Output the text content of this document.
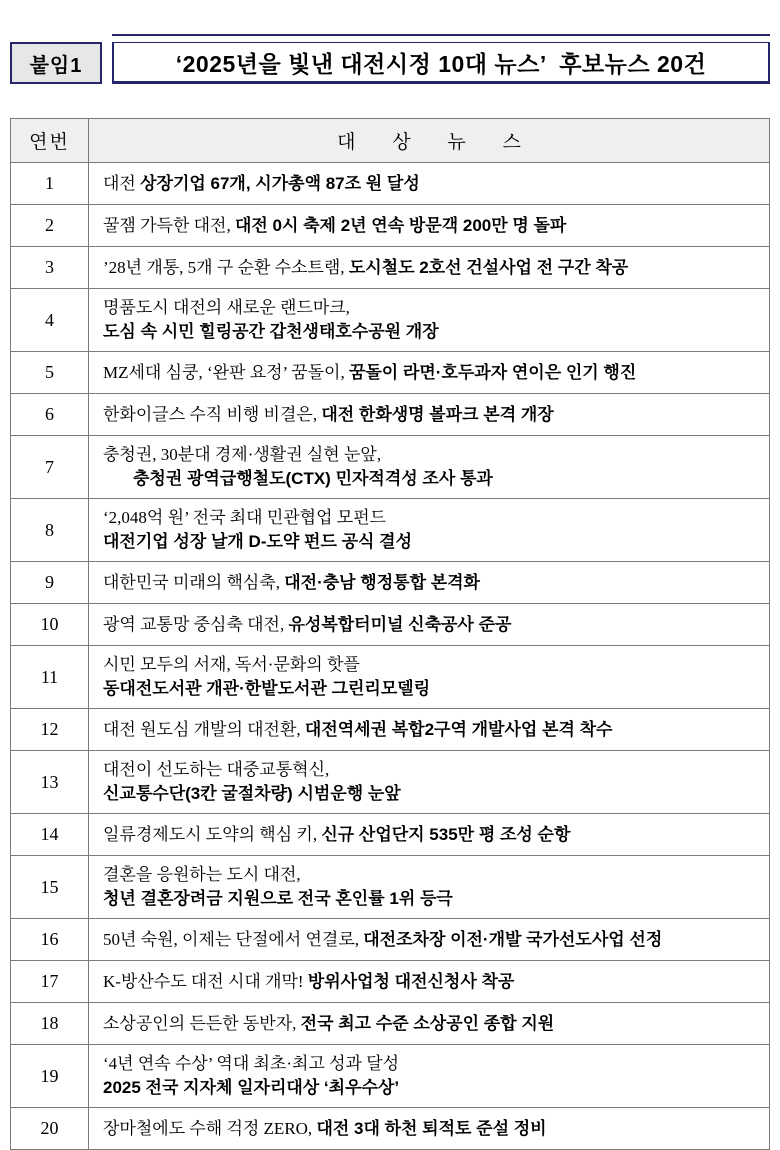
붙임1	‘2025년을 빛낸 대전시정 10대 뉴스’  후보뉴스 20건
연번	대 상 뉴 스
1	대전 상장기업 67개, 시가총액 87조 원 달성

2	꿀잼 가득한 대전, 대전 0시 축제 2년 연속 방문객 200만 명 돌파

3	’28년 개통, 5개 구 순환 수소트램, 도시철도 2호선 건설사업 전 구간 착공

4	명품도시 대전의 새로운 랜드마크,
도심 속 시민 힐링공간 갑천생태호수공원 개장

5	MZ세대 심쿵, ‘완판 요정’ 꿈돌이, 꿈돌이 라면·호두과자 연이은 인기 행진

6	한화이글스 수직 비행 비결은, 대전 한화생명 볼파크 본격 개장

7	충청권, 30분대 경제·생활권 실현 눈앞,
충청권 광역급행철도(CTX) 민자적격성 조사 통과

8	‘2,048억 원’ 전국 최대 민관협업 모펀드
대전기업 성장 날개 D-도약 펀드 공식 결성

9	대한민국 미래의 핵심축, 대전·충남 행정통합 본격화

10	광역 교통망 중심축 대전, 유성복합터미널 신축공사 준공

11	시민 모두의 서재, 독서·문화의 핫플
동대전도서관 개관·한밭도서관 그린리모델링

12	대전 원도심 개발의 대전환, 대전역세권 복합2구역 개발사업 본격 착수

13	대전이 선도하는 대중교통혁신,
신교통수단(3칸 굴절차량) 시범운행 눈앞

14	일류경제도시 도약의 핵심 키, 신규 산업단지 535만 평 조성 순항

15	결혼을 응원하는 도시 대전,
청년 결혼장려금 지원으로 전국 혼인률 1위 등극

16	50년 숙원, 이제는 단절에서 연결로, 대전조차장 이전·개발 국가선도사업 선정

17	K-방산수도 대전 시대 개막! 방위사업청 대전신청사 착공

18	소상공인의 든든한 동반자, 전국 최고 수준 소상공인 종합 지원

19	‘4년 연속 수상’ 역대 최초·최고 성과 달성
2025 전국 지자체 일자리대상 ‘최우수상’

20	장마철에도 수해 걱정 ZERO, 대전 3대 하천 퇴적토 준설 정비
